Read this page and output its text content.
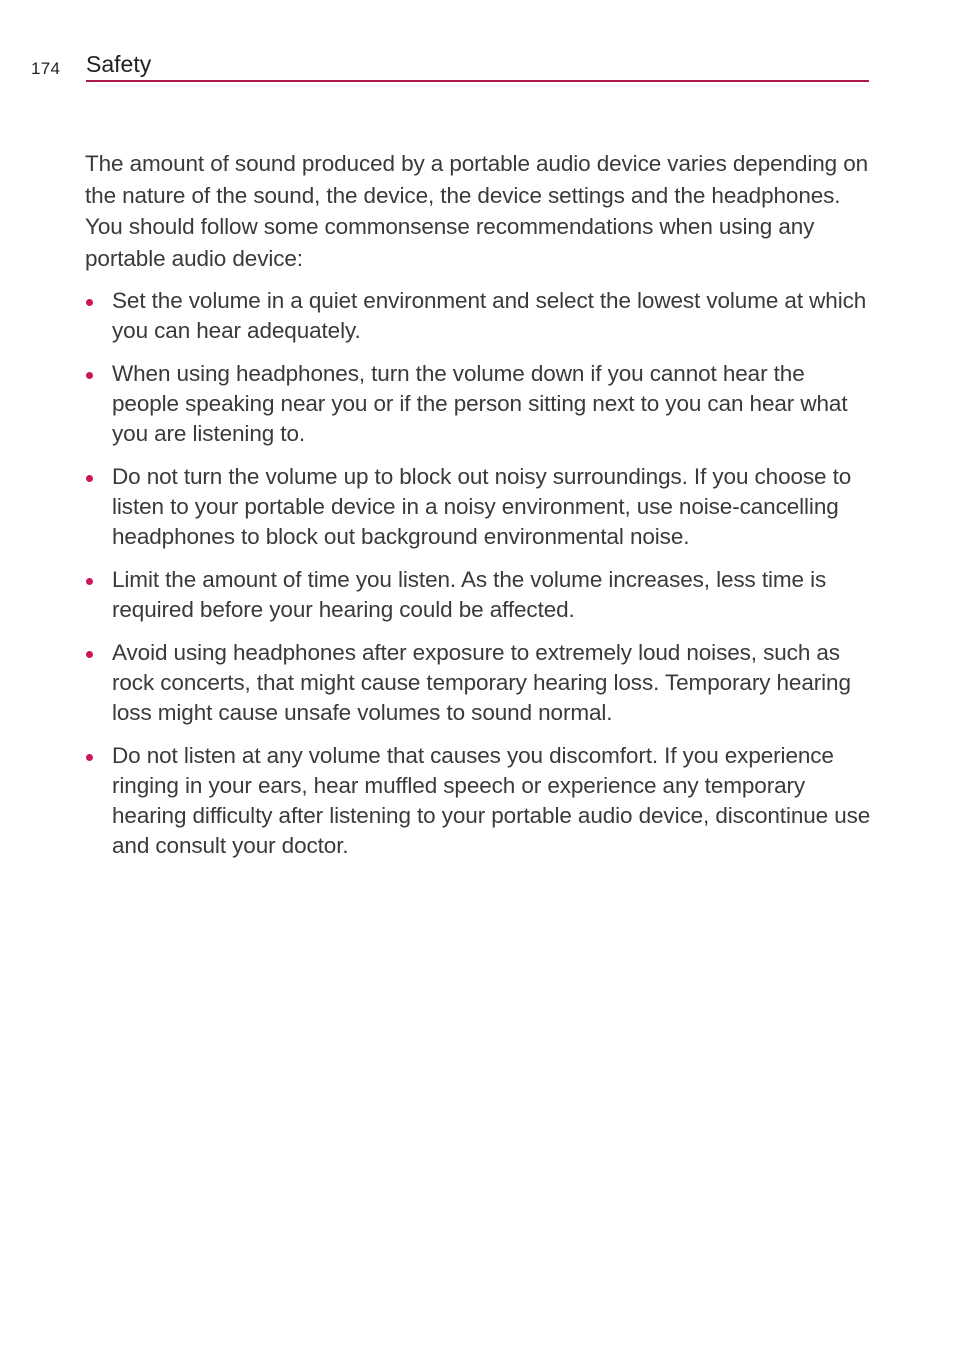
174 Safety

The amount of sound produced by a portable audio device varies depending on the nature of the sound, the device, the device settings and the headphones. You should follow some commonsense recommendations when using any portable audio device:

Set the volume in a quiet environment and select the lowest volume at which you can hear adequately.
When using headphones, turn the volume down if you cannot hear the people speaking near you or if the person sitting next to you can hear what you are listening to.
Do not turn the volume up to block out noisy surroundings. If you choose to listen to your portable device in a noisy environment, use noise-cancelling headphones to block out background environmental noise.
Limit the amount of time you listen. As the volume increases, less time is required before your hearing could be affected.
Avoid using headphones after exposure to extremely loud noises, such as rock concerts, that might cause temporary hearing loss. Temporary hearing loss might cause unsafe volumes to sound normal.
Do not listen at any volume that causes you discomfort. If you experience ringing in your ears, hear muffled speech or experience any temporary hearing difficulty after listening to your portable audio device, discontinue use and consult your doctor.
